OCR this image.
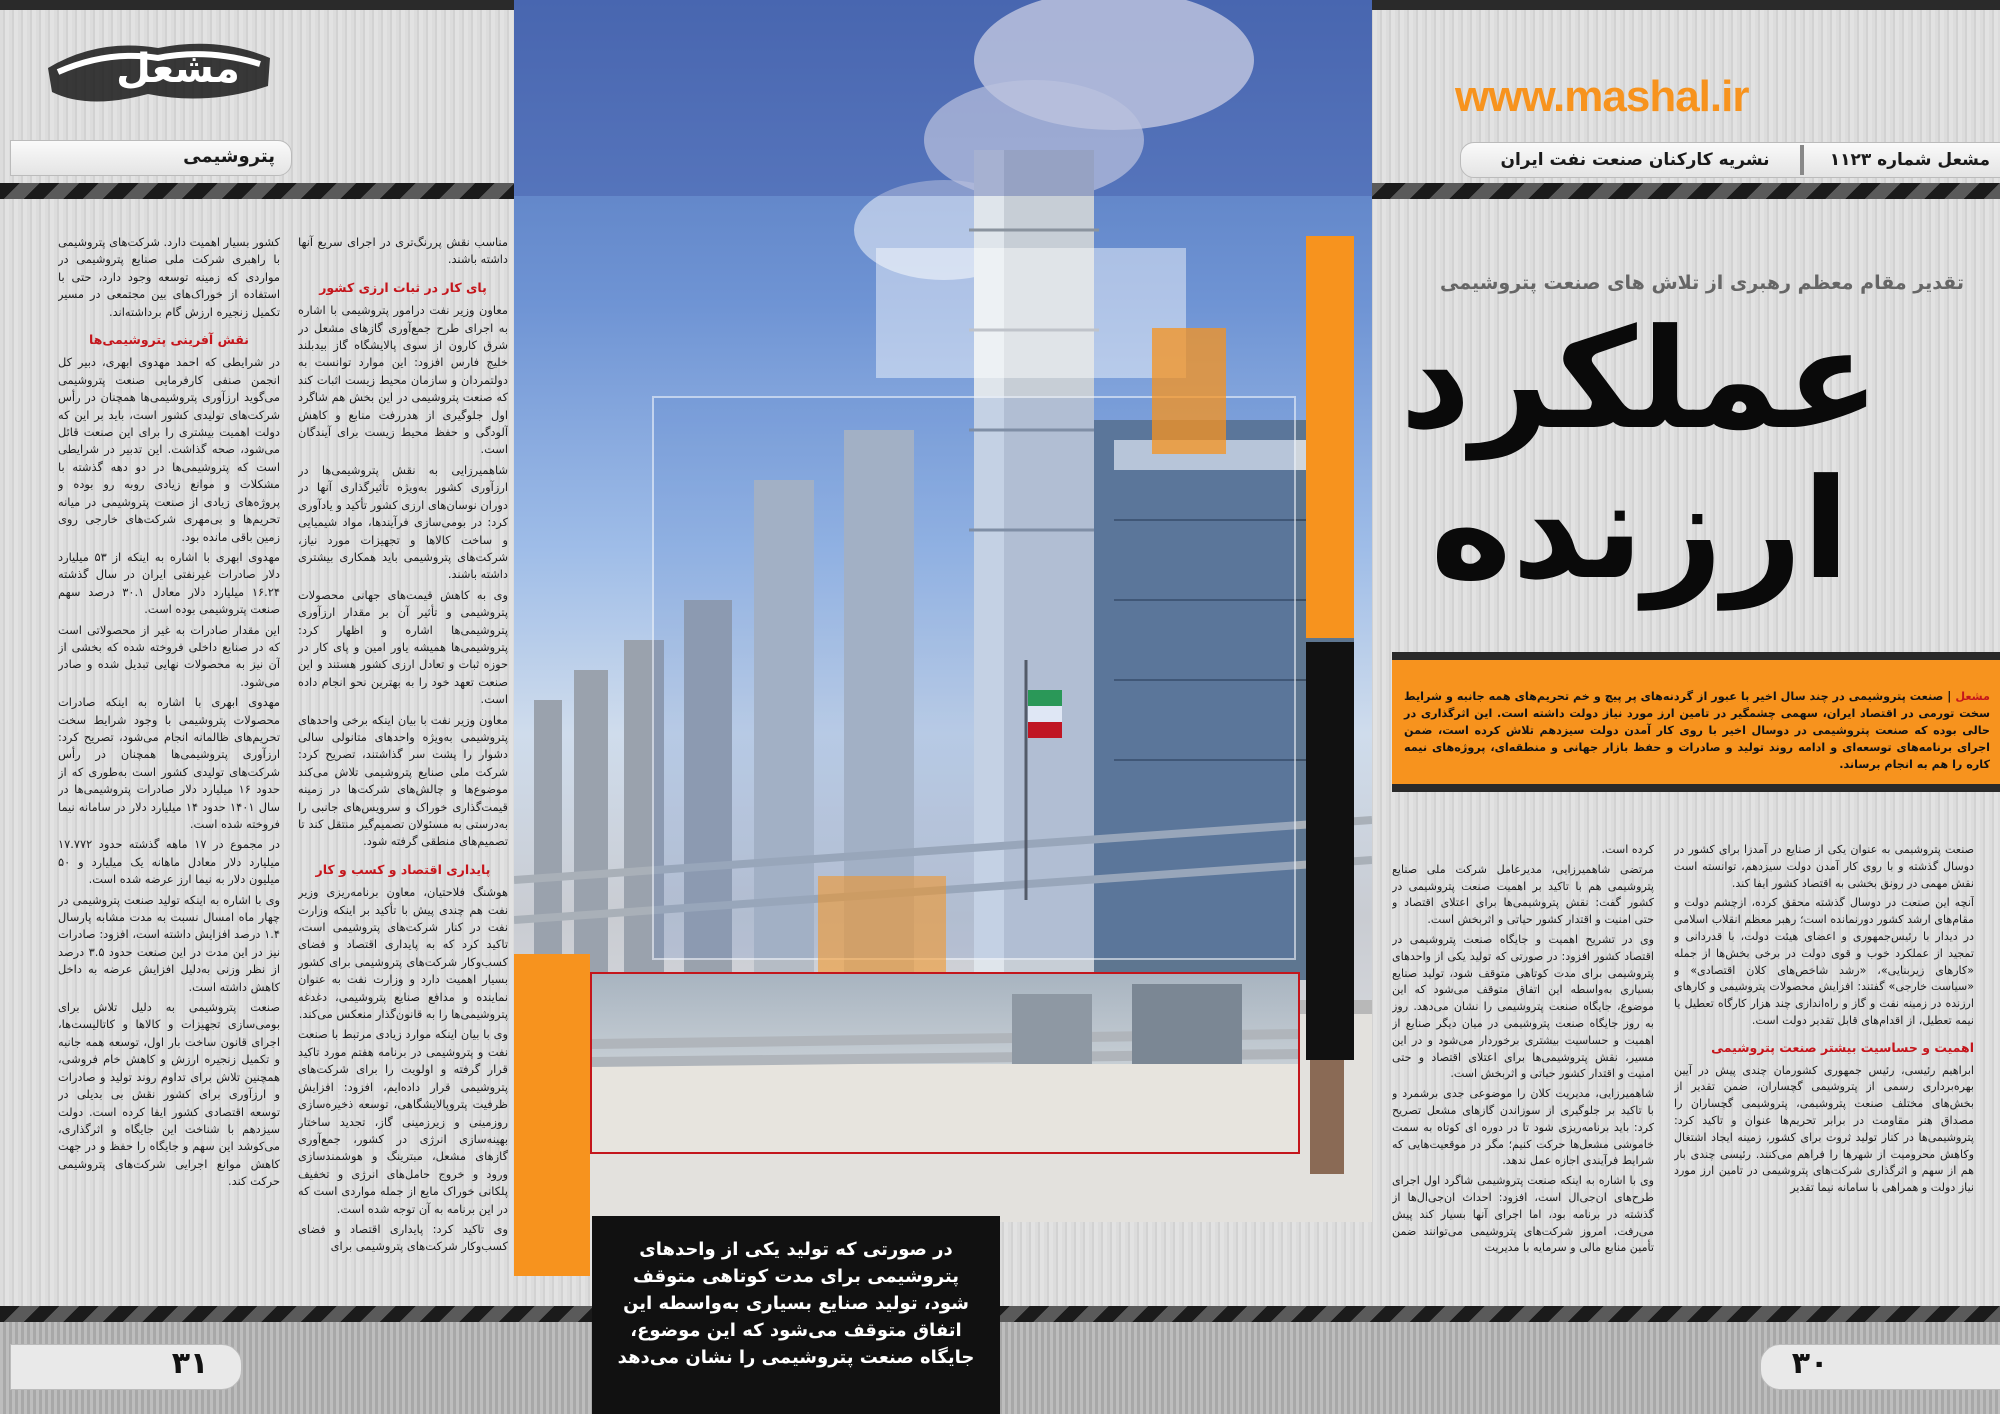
مشعل
پتروشیمی
www.mashal.ir
نشریه کارکنان صنعت نفت ایران	مشعل شماره ۱۱۲۳

مناسب نقش پررنگ‌تری در اجرای سریع آنها داشته باشند.

پای کار در ثبات ارزی کشور

معاون وزیر نفت درامور پتروشیمی با اشاره به اجرای طرح جمع‌آوری گازهای مشعل در شرق کارون از سوی پالایشگاه گاز بیدبلند خلیج فارس افزود: این موارد توانست به دولتمردان و سازمان محیط زیست اثبات کند که صنعت پتروشیمی در این بخش هم شاگرد اول جلوگیری از هدررفت منابع و کاهش آلودگی و حفظ محیط زیست برای آیندگان است.

شاهمیرزایی به نقش پتروشیمی‌ها در ارزآوری کشور به‌ویژه تأثیرگذاری آنها در دوران نوسان‌های ارزی کشور تأکید و یادآوری کرد: در بومی‌سازی فرآیندها، مواد شیمیایی و ساخت کالاها و تجهیزات مورد نیاز، شرکت‌های پتروشیمی باید همکاری بیشتری داشته باشند.

وی به کاهش قیمت‌های جهانی محصولات پتروشیمی و تأثیر آن بر مقدار ارزآوری پتروشیمی‌ها اشاره و اظهار کرد: پتروشیمی‌ها همیشه یاور امین و پای کار در حوزه ثبات و تعادل ارزی کشور هستند و این صنعت تعهد خود را به بهترین نحو انجام داده است.

معاون وزیر نفت با بیان اینکه برخی واحدهای پتروشیمی به‌ویژه واحدهای متانولی سالی دشوار را پشت سر گذاشتند، تصریح کرد: شرکت ملی صنایع پتروشیمی تلاش می‌کند موضوع‌ها و چالش‌های شرکت‌ها در زمینه قیمت‌گذاری خوراک و سرویس‌های جانبی را به‌درستی به مسئولان تصمیم‌گیر منتقل کند تا تصمیم‌های منطقی گرفته شود.

پایداری اقتصاد و کسب و کار

هوشنگ فلاحتیان، معاون برنامه‌ریزی وزیر نفت هم چندی پیش با تأکید بر اینکه وزارت نفت در کنار شرکت‌های پتروشیمی است، تاکید کرد که به پایداری اقتصاد و فضای کسب‌وکار شرکت‌های پتروشیمی برای کشور بسیار اهمیت دارد و وزارت نفت به عنوان نماینده و مدافع صنایع پتروشیمی، دغدغه پتروشیمی‌ها را به قانون‌گذار منعکس می‌کند.

وی با بیان اینکه موارد زیادی مرتبط با صنعت نفت و پتروشیمی در برنامه هفتم مورد تاکید قرار گرفته و اولویت را برای شرکت‌های پتروشیمی قرار داده‌ایم، افزود: افزایش ظرفیت پتروپالایشگاهی، توسعه ذخیره‌سازی روزمینی و زیرزمینی گاز، تجدید ساختار بهینه‌سازی انرژی در کشور، جمع‌آوری گازهای مشعل، مبترینگ و هوشمندسازی ورود و خروج حامل‌های انرژی و تخفیف پلکانی خوراک مایع از جمله مواردی است که در این برنامه به آن توجه شده است.

وی تاکید کرد: پایداری اقتصاد و فضای کسب‌وکار شرکت‌های پتروشیمی برای

کشور بسیار اهمیت دارد. شرکت‌های پتروشیمی با راهبری شرکت ملی صنایع پتروشیمی در مواردی که زمینه توسعه وجود دارد، حتی با استفاده از خوراک‌های بین مجتمعی در مسیر تکمیل زنجیره ارزش گام برداشته‌اند.

نقش آفرینی پتروشیمی‌ها

در شرایطی که احمد مهدوی ابهری، دبیر کل انجمن صنفی کارفرمایی صنعت پتروشیمی می‌گوید ارزآوری پتروشیمی‌ها همچنان در رأس شرکت‌های تولیدی کشور است، باید بر این که دولت اهمیت بیشتری را برای این صنعت قائل می‌شود، صحه گذاشت. این تدبیر در شرایطی است که پتروشیمی‌ها در دو دهه گذشته با مشکلات و موانع زیادی روبه رو بوده و پروژه‌های زیادی از صنعت پتروشیمی در میانه تحریم‌ها و بی‌مهری شرکت‌های خارجی روی زمین باقی مانده بود.

مهدوی ابهری با اشاره به اینکه از ۵۳ میلیارد دلار صادرات غیرنفتی ایران در سال گذشته ۱۶.۲۴ میلیارد دلار معادل ۳۰.۱ درصد سهم صنعت پتروشیمی بوده است.

این مقدار صادرات به غیر از محصولاتی است که در صنایع داخلی فروخته شده که بخشی از آن نیز به محصولات نهایی تبدیل شده و صادر می‌شود.

مهدوی ابهری با اشاره به اینکه صادرات محصولات پتروشیمی با وجود شرایط سخت تحریم‌های ظالمانه انجام می‌شود، تصریح کرد: ارزآوری پتروشیمی‌ها همچنان در رأس شرکت‌های تولیدی کشور است به‌طوری که از حدود ۱۶ میلیارد دلار صادرات پتروشیمی‌ها در سال ۱۴۰۱ حدود ۱۴ میلیارد دلار در سامانه نیما فروخته شده است.

در مجموع در ۱۷ ماهه گذشته حدود ۱۷.۷۷۲ میلیارد دلار معادل ماهانه یک میلیارد و ۵۰ میلیون دلار به نیما ارز عرضه شده است.

وی با اشاره به اینکه تولید صنعت پتروشیمی در چهار ماه امسال نسبت به مدت مشابه پارسال ۱.۴ درصد افزایش داشته است، افزود: صادرات نیز در این مدت در این صنعت حدود ۳.۵ درصد از نظر وزنی به‌دلیل افزایش عرضه به داخل کاهش داشته است.

صنعت پتروشیمی به دلیل تلاش برای بومی‌سازی تجهیزات و کالاها و کاتالیست‌ها، اجرای قانون ساخت بار اول، توسعه همه جانبه و تکمیل زنجیره ارزش و کاهش خام فروشی، همچنین تلاش برای تداوم روند تولید و صادرات و ارزآوری برای کشور نقش بی بدیلی در توسعه اقتصادی کشور ایفا کرده است. دولت سیزدهم با شناخت این جایگاه و اثرگذاری، می‌کوشد این سهم و جایگاه را حفظ و در جهت کاهش موانع اجرایی شرکت‌های پتروشیمی حرکت کند.

در صورتی که تولید یکی از واحدهای پتروشیمی برای مدت کوتاهی متوقف شود، تولید صنایع بسیاری به‌واسطه این اتفاق متوقف می‌شود که این موضوع، جایگاه صنعت پتروشیمی را نشان می‌دهد
تقدیر مقام معظم رهبری از تلاش های صنعت پتروشیمی
عملکرد
ارزنده
مشعل | صنعت پتروشیمی در چند سال اخیر با عبور از گردنه‌های پر پیچ و خم تحریم‌های همه جانبه و شرایط سخت تورمی در اقتصاد ایران، سهمی چشمگیر در تامین ارز مورد نیاز دولت داشته است. این اثرگذاری در حالی بوده که صنعت پتروشیمی در دوسال اخیر با روی کار آمدن دولت سیزدهم تلاش کرده است، ضمن اجرای برنامه‌های توسعه‌ای و ادامه روند تولید و صادرات و حفظ بازار جهانی و منطقه‌ای، پروژه‌های نیمه کاره را هم به انجام برساند.

صنعت پتروشیمی به عنوان یکی از صنایع در آمدزا برای کشور در دوسال گذشته و با روی کار آمدن دولت سیزدهم، توانسته است نقش مهمی در رونق بخشی به اقتصاد کشور ایفا کند.

آنچه این صنعت در دوسال گذشته محقق کرده، ازچشم دولت و مقام‌های ارشد کشور دورنمانده است؛ رهبر معظم انقلاب اسلامی در دیدار با رئیس‌جمهوری و اعضای هیئت دولت، با قدردانی و تمجید از عملکرد خوب و قوی دولت در برخی بخش‌ها از جمله «کارهای زیربنایی»، «رشد شاخص‌های کلان اقتصادی» و «سیاست خارجی» گفتند: افزایش محصولات پتروشیمی و کارهای ارزنده در زمینه نفت و گاز و راه‌اندازی چند هزار کارگاه تعطیل یا نیمه تعطیل، از اقدام‌های قابل تقدیر دولت است.

اهمیت و حساسیت بیشتر صنعت پتروشیمی

ابراهیم رئیسی، رئیس جمهوری کشورمان چندی پیش در آیین بهره‌برداری رسمی از پتروشیمی گچساران، ضمن تقدیر از بخش‌های مختلف صنعت پتروشیمی، پتروشیمی گچساران را مصداق هنر مقاومت در برابر تحریم‌ها عنوان و تاکید کرد: پتروشیمی‌ها در کنار تولید ثروت برای کشور، زمینه ایجاد اشتغال وکاهش محرومیت از شهرها را فراهم می‌کنند. رئیسی چندی بار هم از سهم و اثرگذاری شرکت‌های پتروشیمی در تامین ارز مورد نیاز دولت و همراهی با سامانه نیما تقدیر

کرده است.

مرتضی شاهمیرزایی، مدیرعامل شرکت ملی صنایع پتروشیمی هم با تاکید بر اهمیت صنعت پتروشیمی در کشور گفت: نقش پتروشیمی‌ها برای اعتلای اقتصاد و حتی امنیت و اقتدار کشور حیاتی و اثربخش است.

وی در تشریح اهمیت و جایگاه صنعت پتروشیمی در اقتصاد کشور افزود: در صورتی که تولید یکی از واحدهای پتروشیمی برای مدت کوتاهی متوقف شود، تولید صنایع بسیاری به‌واسطه این اتفاق متوقف می‌شود که این موضوع، جایگاه صنعت پتروشیمی را نشان می‌دهد. روز به روز جایگاه صنعت پتروشیمی در میان دیگر صنایع از اهمیت و حساسیت بیشتری برخوردار می‌شود و در این مسیر، نقش پتروشیمی‌ها برای اعتلای اقتصاد و حتی امنیت و اقتدار کشور حیاتی و اثربخش است.

شاهمیرزایی، مدیریت کلان را موضوعی جدی برشمرد و با تاکید بر جلوگیری از سوزاندن گازهای مشعل تصریح کرد: باید برنامه‌ریزی شود تا در دوره ای کوتاه به سمت خاموشی مشعل‌ها حرکت کنیم؛ مگر در موقعیت‌هایی که شرایط فرآیندی اجازه عمل ندهد.

وی با اشاره به اینکه صنعت پتروشیمی شاگرد اول اجرای طرح‌های ان‌جی‌ال است، افزود: احداث ان‌جی‌ال‌ها از گذشته در برنامه بود، اما اجرای آنها بسیار کند پیش می‌رفت. امروز شرکت‌های پتروشیمی می‌توانند ضمن تأمین منابع مالی و سرمایه با مدیریت

۳۱	۳۰
